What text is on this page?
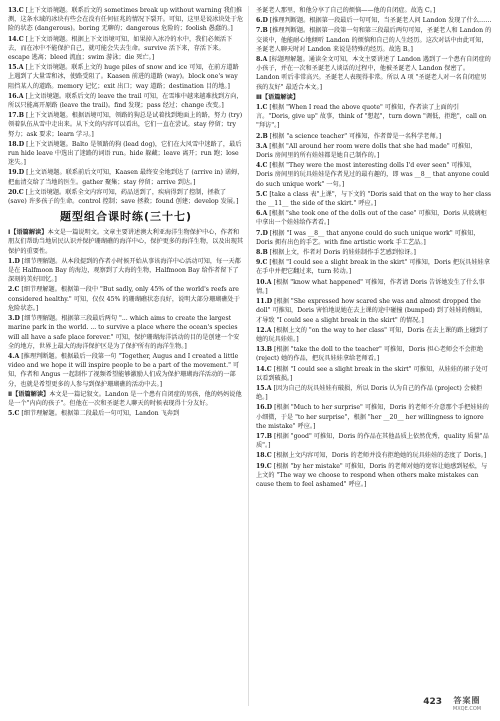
13.C [上下文语境题。联系后文的 sometimes break up without warning 我们推测，这条水域的冰块有些会在没有任何征兆的情况下裂开。可知，这里是说冰块处于危险的状态 (dangerous)。boring 无聊的；dangerous 危险的；foolish 愚蠢的。]
14.C [上下文语境题。根据上下文语境可知，如果掉入冰冷的水中，我们必须活下去，而在冰中不能保护自己，就可能会失去生命。survive 活下来，存活下来。escape 逃离；bleed 流血；swim 游泳；die 死亡。]
15.A [上下文语境题。联系上文的 huge piles of snow and ice 可知，在前方道路上遇到了大量雪和冰，使路受阻了。Kaasen 前进的道路 (way)。block one's way 阻挡某人的道路。memory 记忆；exit 出口；way 道路；destination 目的地。]
16.A [上文语境题。联系后文的 leave the trail 可知，在雪堆中越来越难找到方向，所以只能离开原路 (leave the trail)。find 发现；pass 经过；change 改变。]
17.B [上下文语境题。根据语境可知，领路的狗总是试着找到地面上的路，努力 (try) 领着队伍从雪中走出来。从下文的内容可以看出，它们一直在尝试。stay 停留；try 努力；ask 要求；learn 学习。]
18.D [上下文语境题。Balto 是领路的狗 (lead dog)，它们在大风雪中迷路了，最后 run hide leave 中选出了迷路的词语 run。hide 躲藏；leave 离开；run 跑；lose 迷失。]
19.D [上文语境题。联系前后文可知，Kaasen 最终安全地到达了 (arrive in) 诺姆，把血清交给了当地的医生。gather 聚集；stay 停留；arrive 到达。]
20.C [上文语境题。联系全文内容可知，药品送到了，疾病得到了控制，拯救了 (save) 许多孩子的生命。control 控制；save 拯救；found 创建；develop 发展。]
题型组合课时练(三十七)
Ⅰ【语篇解读】本文是一篇说明文。文章主要讲述澳大利亚海洋生物保护中心，作者和朋友们帮助当地居民认识并保护珊瑚礁的海洋中心，保护更多的海洋生物，以及出现其保护的重要性。
1.D [细节理解题。从本段提到的作者小时候开始从事该海洋中心活动可知，每一天都是在 Halfmoon Bay 的海边，观察到了大海的生物，Halfmoon Bay 给作者留下了深刻的美好回忆。]
2.C [细节理解题。根据第一段中 "But sadly, only 45% of the world's reefs are considered healthy." 可知，仅仅 45% 的珊瑚礁状态良好，说明大部分珊瑚礁处于危险状态。]
3.D [细节理解题。根据第三段最后两句 "... which aims to create the largest marine park in the world. ... to survive a place where the ocean's species will all have a safe place forever." 可知，保护珊瑚海洋活动的目的是创建一个安全的地方，世界上最大的海洋保护区是为了保护所有的海洋生物。]
4.A [推理判断题。根据最后一段第一句 "Together, Augus and I created a little video and we hope it will inspire people to be a part of the movement." 可知，作者和 Angus 一起制作了视频希望能够激励人们成为保护珊瑚海洋活动的一部分，也就是希望更多的人参与到保护珊瑚礁的活动中去。]
Ⅱ【语篇解读】本文是一篇记叙文。Landon 是一个患有自闭症的男孩，他的妈妈说他是一个"内向的孩子"。但他在一次和圣诞老人聊天的时候表现得十分友好。
5.C [细节理解题。根据第二段最后一句可知，Landon 飞奔到
圣诞老人那里，和他分享了自己的烦恼——他的自闭症。故选 C。]
6.D [推理判断题。根据第一段最后一句可知，当圣诞老人问 Landon 发现了什么……
7.B [推理判断题。根据第一段第一句和第三段最后两句可知，圣诞老人和 Landon 的交谈中，他能耐心地倾听 Landon 的烦恼和自己的人生经历。这次对话中由此可知，圣诞老人聊天时对 Landon 来说是特殊的经历。故选 B。]
8.A [标题理解题。通读全文可知，本文主要讲述了 Landon 遇到了一个患有自闭症的小孩子，并在一次和圣诞老人谈话的过程中，他被圣诞老人 Landon 保密了。Landon 听后非常高兴。圣诞老人表现得非常。所以 A 项 "圣诞老人对一名自闭症男孩的友好" 最适合本文。]
Ⅲ【语篇解读】
1.C [根据 "When I read the above quote" 可推知，作者读了上面的引言。"Doris, give up" 故事，think of "想起"，turn down "调低，拒绝"，call on "拜访"。]
2.B [根据 "a science teacher" 可推知，作者曾是一名科学老师。]
3.A [根据 "All around her room were dolls that she had made" 可推知，Doris 房间里的所有娃娃都是她自己制作的。]
4.C [根据 "They were the most interesting dolls I'd ever seen" 可推知，Doris 房间里的玩具娃娃是作者见过的最有趣的，即 was __8__ that anyone could do such unique work" 一句。]
5.C [take a class 表"上课"，与下文的 "Doris said that on the way to her class the __11__ the side of the skirt." 呼应。]
6.A [根据 "she took one of the dolls out of the case" 可推知，Doris 从玻璃柜中拿出一个娃娃给作者看。]
7.D [根据 "I was __8__ that anyone could do such unique work" 可推知，Doris 拥有出色的手艺。with fine artistic work 手工艺品。]
8.B [根据上文，作者对 Doris 的娃娃制作手艺感到惊讶。]
9.C [根据 "I could see a slight break in the skirt" 可推知，Doris 把玩具娃娃拿在手中并把它翻过来，turn 转动。]
10.A [根据 "know what happened" 可推知，作者请 Doris 告诉她发生了什么事情。]
11.D [根据 "She expressed how scared she was and almost dropped the doll" 可推知，Doris 害怕地说她在去上课的途中碰撞 (bumped) 到了娃娃的侧面，才导致 "I could see a slight break in the skirt" 的情况。]
12.A [根据上文的 "on the way to her class" 可知，Doris 在去上课的路上碰到了她的玩具娃娃。]
13.B [根据 "take the doll to the teacher" 可推知，Doris 担心老师会不会拒绝 (reject) 她的作品，把玩具娃娃拿给老师看。]
14.C [根据 "I could see a slight break in the skirt" 可推知，从娃娃的裙子处可以看到破损。]
15.A [因为自己的玩具娃娃有破损，所以 Doris 认为自己的作品 (project) 会被拒绝。]
16.D [根据 "Much to her surprise" 可推知，Doris 的老师不介意那个手把娃娃的小细微，于是 "to her surprise"，根据 "her __20__ her willingness to ignore the mistake" 呼应。]
17.B [根据 "good" 可推知，Doris 的作品在其他品质上依然优秀，quality 质量"品质"。]
18.C [根据上文内容可知，Doris 的老师并没有拒绝她的玩具娃娃的态度了 Doris。]
19.C [根据 "by her mistake" 可推知，Doris 的老师对她的宽容让她感到轻松，与上文的 "The way we choose to respond when others make mistakes can cause them to feel ashamed" 呼应。]
423	答案圈
MXQE.COM
